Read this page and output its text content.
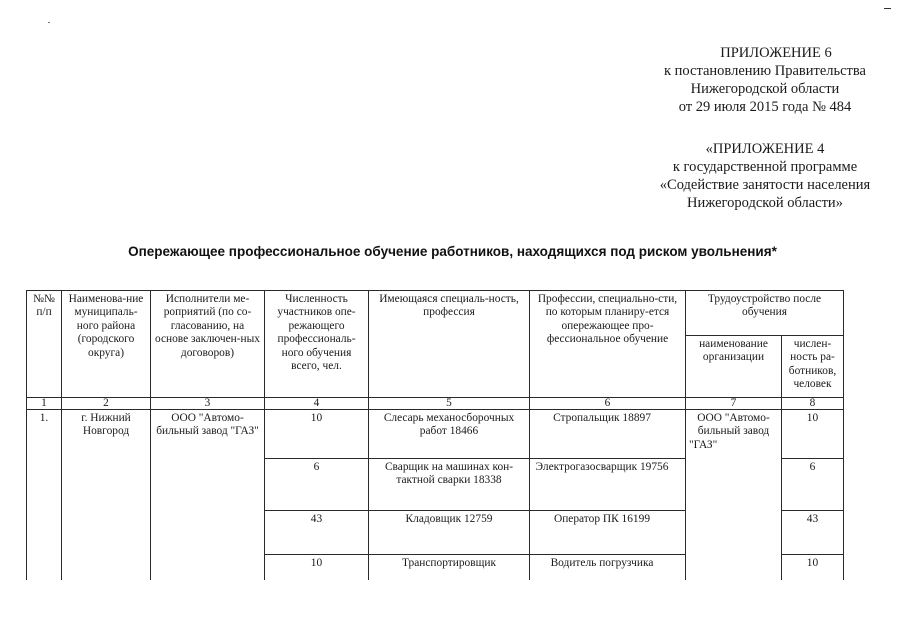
ПРИЛОЖЕНИЕ 6
к постановлению Правительства
Нижегородской области
от 29 июля 2015 года № 484
«ПРИЛОЖЕНИЕ 4
к государственной программе
«Содействие занятости населения
Нижегородской области»
Опережающее профессиональное обучение работников, находящихся под риском увольнения*
№№ п/п	Наименова-ние муниципаль-ного района (городского округа)	Исполнители ме-роприятий (по со-гласованию, на основе заключен-ных договоров)	Численность участников опе-режающего профессиональ-ного обучения всего, чел.	Имеющаяся специаль-ность, профессия	Профессии, специально-сти, по которым планиру-ется опережающее про-фессиональное обучение	Трудоустройство после обучения	
						наименование организации	числен-ность ра-ботников, человек
1	2	3	4	5	6	7	8
1.	г. Нижний Новгород	ООО "Автомо-бильный завод "ГАЗ"	10	Слесарь механосборочных работ 18466	Стропальщик 18897	ООО "Автомо-бильный завод "ГАЗ"	10
			6	Сварщик на машинах кон-тактной сварки 18338	Электрогазосварщик 19756		6
			43	Кладовщик 12759	Оператор ПК 16199		43
			10	Транспортировщик	Водитель погрузчика		10
